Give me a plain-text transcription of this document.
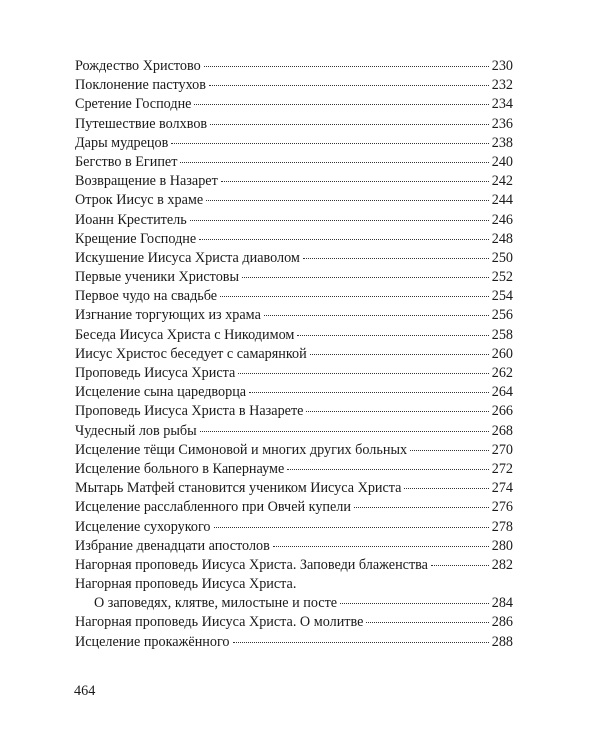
Рождество Христово	230
Поклонение пастухов	232
Сретение Господне	234
Путешествие волхвов	236
Дары мудрецов	238
Бегство в Египет	240
Возвращение в Назарет	242
Отрок Иисус в храме	244
Иоанн Креститель	246
Крещение Господне	248
Искушение Иисуса Христа диаволом	250
Первые ученики Христовы	252
Первое чудо на свадьбе	254
Изгнание торгующих из храма	256
Беседа Иисуса Христа с Никодимом	258
Иисус Христос беседует с самарянкой	260
Проповедь Иисуса Христа	262
Исцеление сына царедворца	264
Проповедь Иисуса Христа в Назарете	266
Чудесный лов рыбы	268
Исцеление тёщи Симоновой и многих других больных	270
Исцеление больного в Капернауме	272
Мытарь Матфей становится учеником Иисуса Христа	274
Исцеление расслабленного при Овчей купели	276
Исцеление сухорукого	278
Избрание двенадцати апостолов	280
Нагорная проповедь Иисуса Христа. Заповеди блаженства	282
Нагорная проповедь Иисуса Христа.
О заповедях, клятве, милостыне и посте	284
Нагорная проповедь Иисуса Христа. О молитве	286
Исцеление прокажённого	288
464
